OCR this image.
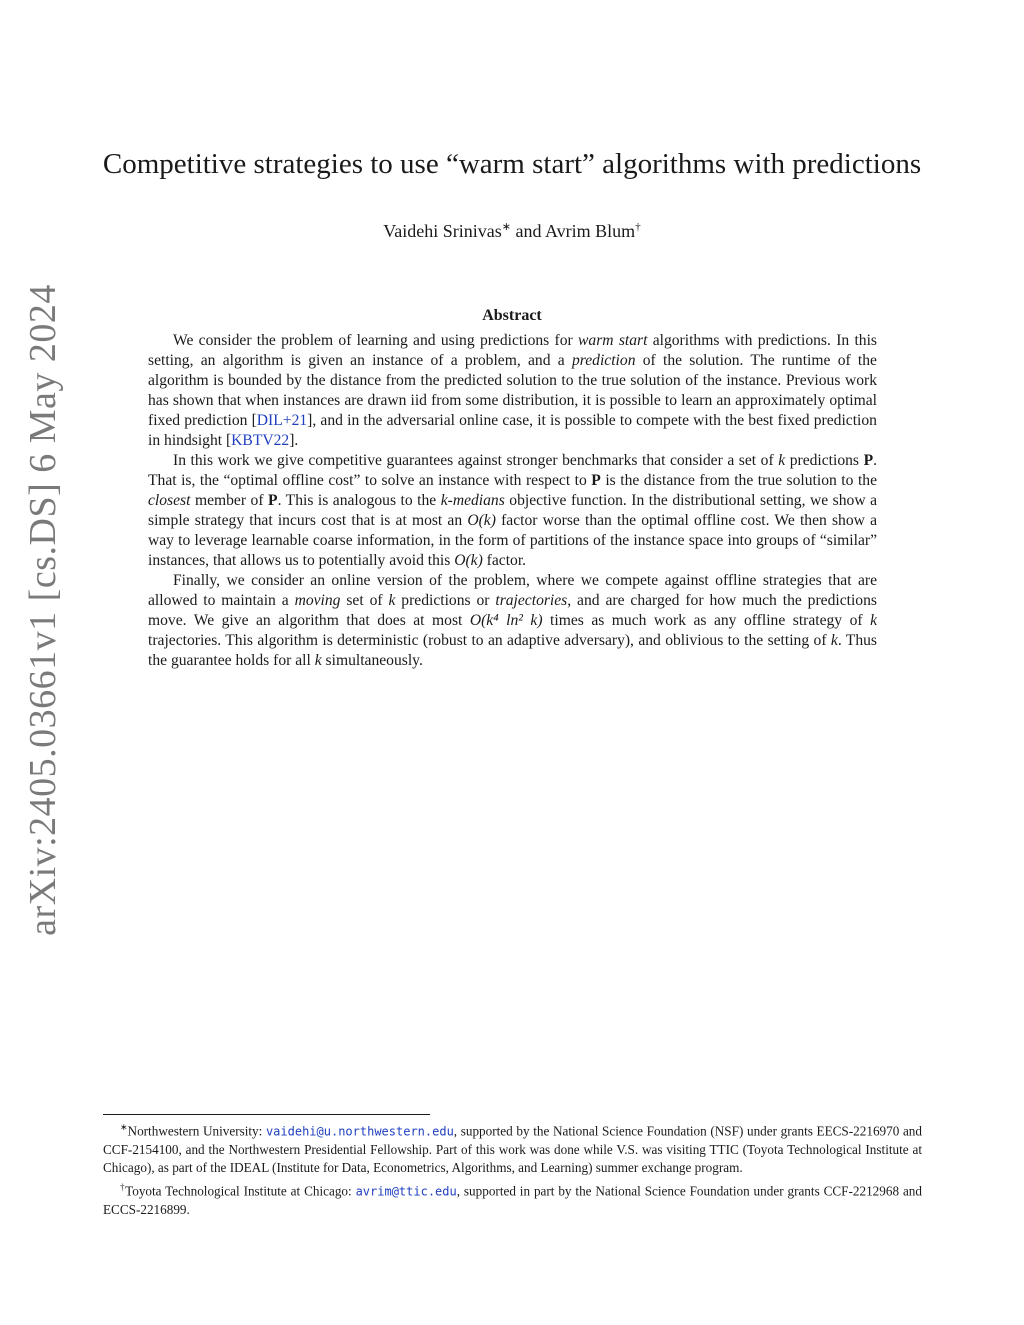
arXiv:2405.03661v1 [cs.DS] 6 May 2024
Competitive strategies to use “warm start” algorithms with predictions
Vaidehi Srinivas∗ and Avrim Blum†
Abstract

We consider the problem of learning and using predictions for warm start algorithms with predictions. In this setting, an algorithm is given an instance of a problem, and a prediction of the solution. The runtime of the algorithm is bounded by the distance from the predicted solution to the true solution of the instance. Previous work has shown that when instances are drawn iid from some distribution, it is possible to learn an approximately optimal fixed prediction [DIL+21], and in the adversarial online case, it is possible to compete with the best fixed prediction in hindsight [KBTV22].

In this work we give competitive guarantees against stronger benchmarks that consider a set of k predictions P. That is, the “optimal offline cost” to solve an instance with respect to P is the distance from the true solution to the closest member of P. This is analogous to the k-medians objective function. In the distributional setting, we show a simple strategy that incurs cost that is at most an O(k) factor worse than the optimal offline cost. We then show a way to leverage learnable coarse information, in the form of partitions of the instance space into groups of “similar” instances, that allows us to potentially avoid this O(k) factor.

Finally, we consider an online version of the problem, where we compete against offline strategies that are allowed to maintain a moving set of k predictions or trajectories, and are charged for how much the predictions move. We give an algorithm that does at most O(k⁴ ln² k) times as much work as any offline strategy of k trajectories. This algorithm is deterministic (robust to an adaptive adversary), and oblivious to the setting of k. Thus the guarantee holds for all k simultaneously.

∗Northwestern University: vaidehi@u.northwestern.edu, supported by the National Science Foundation (NSF) under grants EECS-2216970 and CCF-2154100, and the Northwestern Presidential Fellowship. Part of this work was done while V.S. was visiting TTIC (Toyota Technological Institute at Chicago), as part of the IDEAL (Institute for Data, Econometrics, Algorithms, and Learning) summer exchange program.

†Toyota Technological Institute at Chicago: avrim@ttic.edu, supported in part by the National Science Foundation under grants CCF-2212968 and ECCS-2216899.
